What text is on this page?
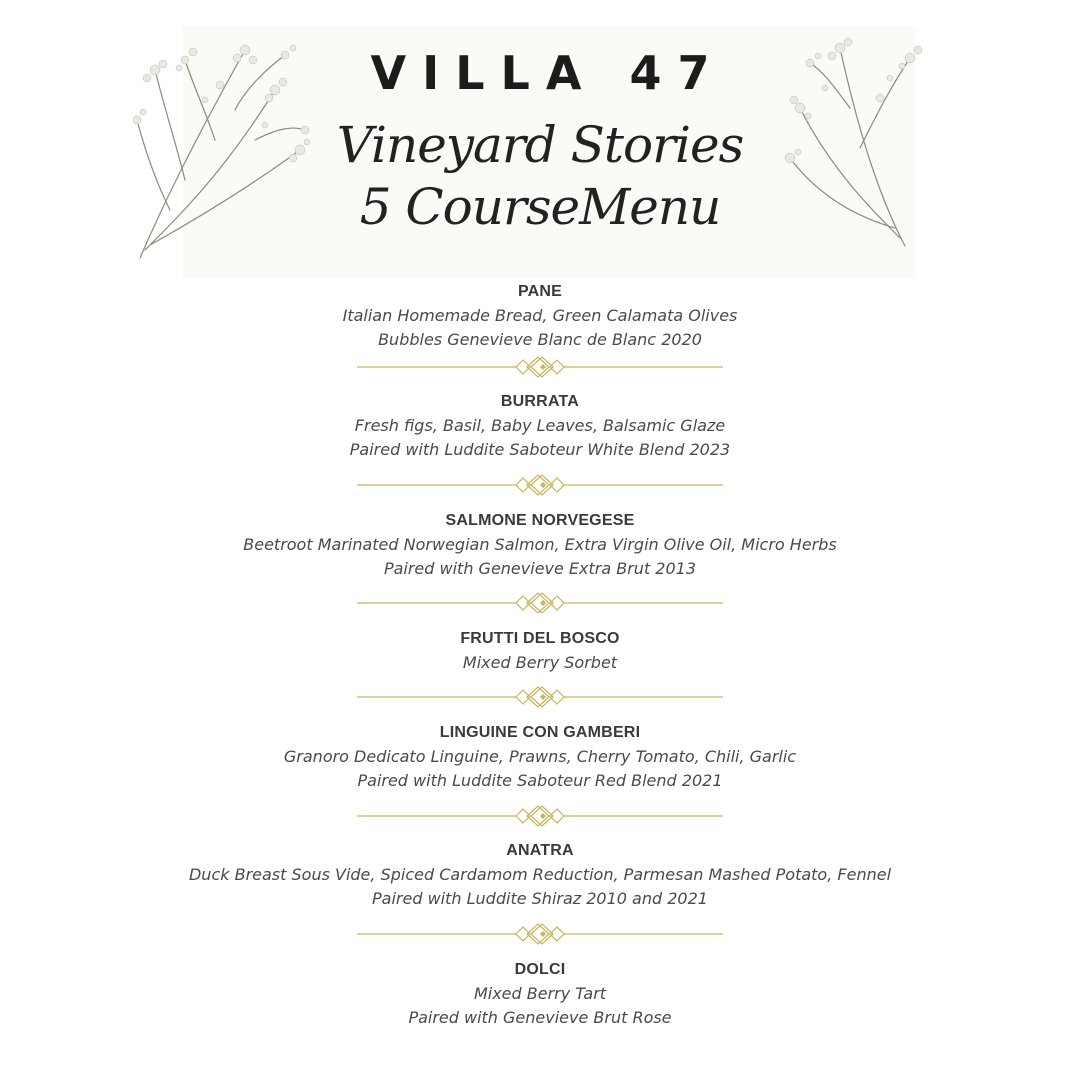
VILLA 47
Vineyard Stories
5 CourseMenu
PANE
Italian Homemade Bread, Green Calamata Olives
Bubbles Genevieve Blanc de Blanc 2020
BURRATA
Fresh figs, Basil, Baby Leaves, Balsamic Glaze
Paired with Luddite Saboteur White Blend 2023
SALMONE NORVEGESE
Beetroot Marinated Norwegian Salmon, Extra Virgin Olive Oil, Micro Herbs
Paired with Genevieve Extra Brut 2013
FRUTTI DEL BOSCO
Mixed Berry Sorbet
LINGUINE CON GAMBERI
Granoro Dedicato Linguine, Prawns, Cherry Tomato, Chili, Garlic
Paired with Luddite Saboteur Red Blend 2021
ANATRA
Duck Breast Sous Vide, Spiced Cardamom Reduction, Parmesan Mashed Potato, Fennel
Paired with Luddite Shiraz 2010 and 2021
DOLCI
Mixed Berry Tart
Paired with Genevieve Brut Rose
